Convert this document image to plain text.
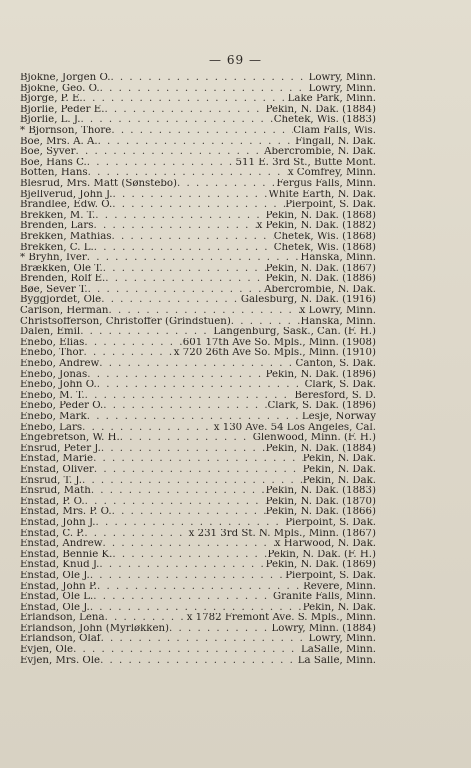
— 69 —
Bjokne, Jorgen O. . . .	Lowry, Minn.
Bjokne, Geo. O. . . .	Lowry, Minn.
Bjorge, P. E. . . .	Lake Park, Minn.
Bjorlie, Peder E. . . .	Pekin, N. Dak. (1884)
Bjorlie, L. J. . . .	Chetek, Wis. (1883)
* Bjornson, Thore . . .	Clam Falls, Wis.
Boe, Mrs. A. A. . . .	Fingall, N. Dak.
Boe, Syver . . .	Abercrombie, N. Dak.
Boe, Hans C. . . .	511 E. 3rd St., Butte Mont.
Botten, Hans . . .	x Comfrey, Minn.
Blesrud, Mrs. Matt (Sønstebo) . . .	Fergus Falls, Minn.
Bjellverud, John J. . . .	White Earth, N. Dak.
Brandlee, Edw. O. . . .	Pierpoint, S. Dak.
Brekken, M. T. . . .	Pekin, N. Dak. (1868)
Brenden, Lars . . .	x Pekin, N. Dak. (1882)
Brekken, Mathias . . .	Chetek, Wis. (1868)
Brekken, C. L. . . .	Chetek, Wis. (1868)
* Bryhn, Iver . . .	Hanska, Minn.
Brækken, Ole T. . . .	Pekin, N. Dak. (1867)
Brenden, Rolf E. . . .	Pekin, N. Dak. (1886)
Bøe, Sever T. . . .	Abercrombie, N. Dak.
Byggjordet, Ole . . .	Galesburg, N. Dak. (1916)
Carlson, Herman . . .	x Lowry, Minn.
Christsofferson, Christoffer (Grindstuen) . . .	Hanska, Minn.
Dalen, Emil . . .	Langenburg, Sask., Can. (F. H.)
Enebo, Elias . . .	601 17th Ave So. Mpls., Minn. (1908)
Enebo, Thor . . .	x 720 26th Ave So. Mpls., Minn. (1910)
Enebo, Andrew . . .	Canton, S. Dak.
Enebo, Jonas . . .	Pekin, N. Dak. (1896)
Enebo, John O. . . .	Clark, S. Dak.
Enebo, M. T. . . .	Beresford, S. D.
Enebo, Peder O. . . .	Clark, S. Dak. (1896)
Enebo, Mark . . .	Lesje, Norway
Enebo, Lars . . .	x 130 Ave. 54 Los Angeles, Cal.
Engebretson, W. H. . . .	Glenwood, Minn. (F. H.)
Ensrud, Peter J. . . .	Pekin, N. Dak. (1884)
Enstad, Marie . . .	Pekin, N. Dak.
Enstad, Oliver . . .	Pekin, N. Dak.
Ensrud, T. J. . . .	Pekin, N. Dak.
Ensrud, Math . . .	Pekin, N. Dak. (1883)
Enstad, P. O. . . .	Pekin, N. Dak. (1870)
Enstad, Mrs. P. O. . . .	Pekin, N. Dak. (1866)
Enstad, John J. . . .	Pierpoint, S. Dak.
Enstad, C. P. . . .	x 231 3rd St. N. Mpls., Minn. (1867)
Enstad, Andrew . . .	x Harwood, N. Dak.
Enstad, Bennie K. . . .	Pekin, N. Dak. (F. H.)
Enstad, Knud J. . . .	Pekin, N. Dak. (1869)
Enstad, Ole J. . . .	Pierpoint, S. Dak.
Enstad, John P. . . .	Revere, Minn.
Enstad, Ole L. . . .	Granite Falls, Minn.
Enstad, Ole J. . . .	Pekin, N. Dak.
Erlandson, Lena . . .	x 1782 Fremont Ave. S. Mpls., Minn.
Erlandson, John (Myrløkken) . . .	Lowry, Minn. (1884)
Erlandson, Olaf . . .	Lowry, Minn.
Evjen, Ole . . .	LaSalle, Minn.
Evjen, Mrs. Ole . . .	La Salle, Minn.
